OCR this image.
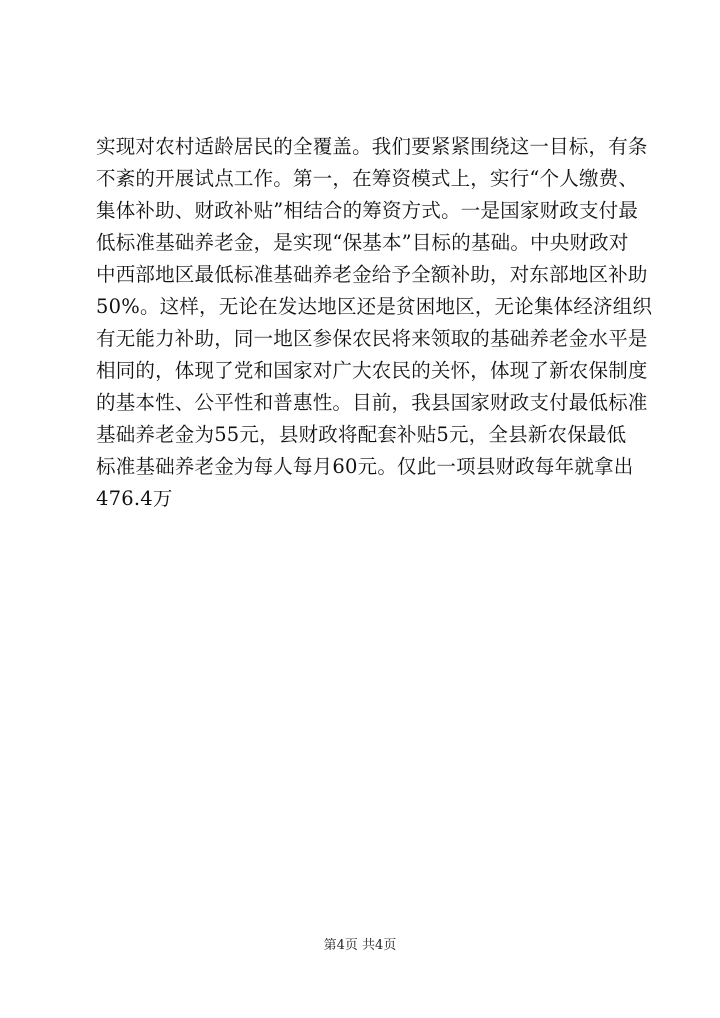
实现对农村适龄居民的全覆盖。我们要紧紧围绕这一目标，有条
不紊的开展试点工作。第一，在筹资模式上，实行“个人缴费、
集体补助、财政补贴”相结合的筹资方式。一是国家财政支付最
低标准基础养老金，是实现“保基本”目标的基础。中央财政对
中西部地区最低标准基础养老金给予全额补助，对东部地区补助
50%。这样，无论在发达地区还是贫困地区，无论集体经济组织
有无能力补助，同一地区参保农民将来领取的基础养老金水平是
相同的，体现了党和国家对广大农民的关怀，体现了新农保制度
的基本性、公平性和普惠性。目前，我县国家财政支付最低标准
基础养老金为55元，县财政将配套补贴5元，全县新农保最低
标准基础养老金为每人每月60元。仅此一项县财政每年就拿出
476.4万
第4页 共4页
